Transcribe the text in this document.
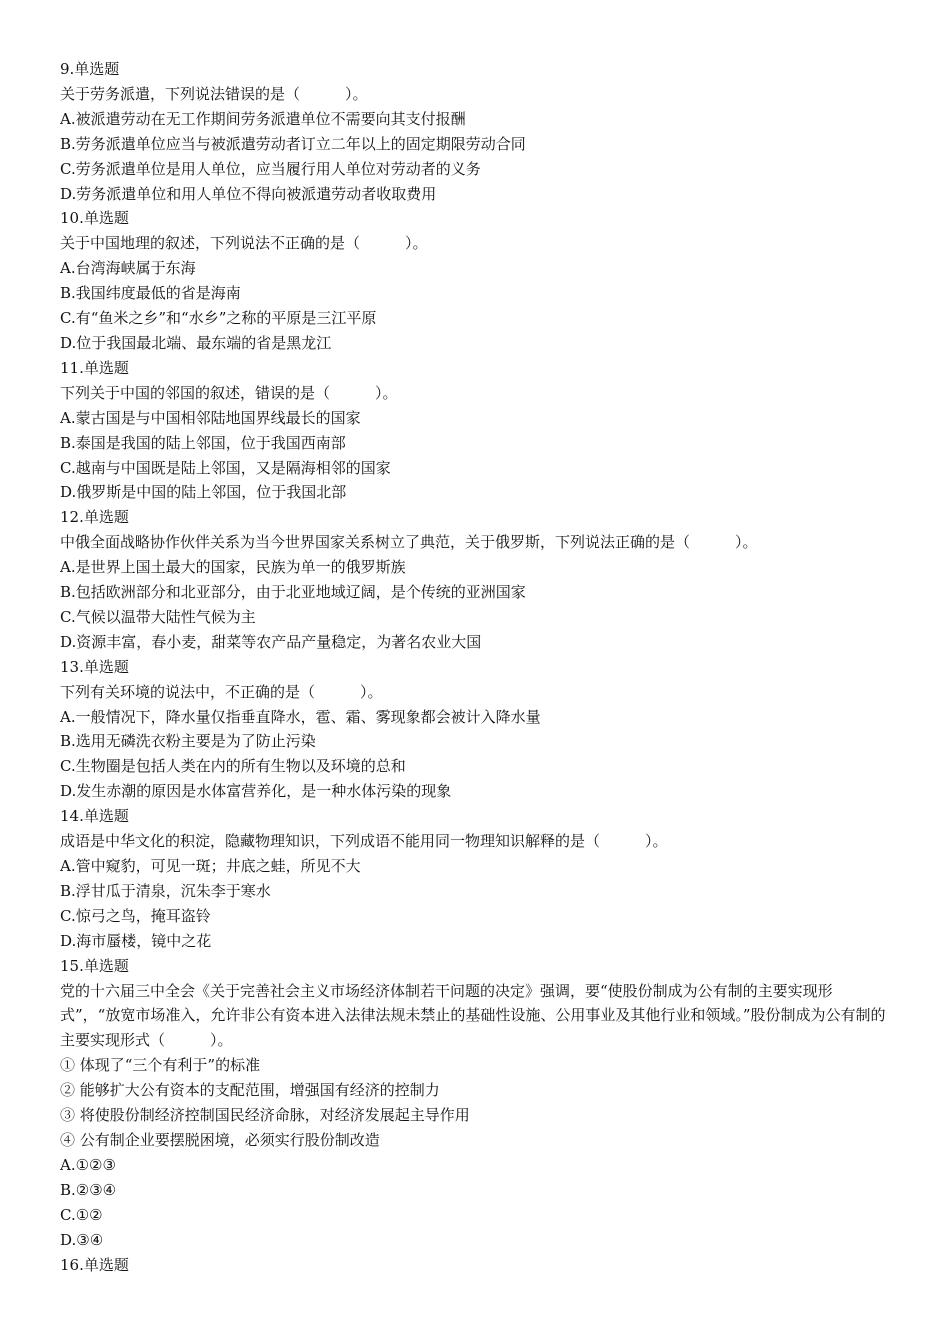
9.单选题
关于劳务派遣，下列说法错误的是（　　　）。
A.被派遣劳动在无工作期间劳务派遣单位不需要向其支付报酬
B.劳务派遣单位应当与被派遣劳动者订立二年以上的固定期限劳动合同
C.劳务派遣单位是用人单位，应当履行用人单位对劳动者的义务
D.劳务派遣单位和用人单位不得向被派遣劳动者收取费用
10.单选题
关于中国地理的叙述，下列说法不正确的是（　　　）。
A.台湾海峡属于东海
B.我国纬度最低的省是海南
C.有“鱼米之乡”和“水乡”之称的平原是三江平原
D.位于我国最北端、最东端的省是黑龙江
11.单选题
下列关于中国的邻国的叙述，错误的是（　　　）。
A.蒙古国是与中国相邻陆地国界线最长的国家
B.泰国是我国的陆上邻国，位于我国西南部
C.越南与中国既是陆上邻国，又是隔海相邻的国家
D.俄罗斯是中国的陆上邻国，位于我国北部
12.单选题
中俄全面战略协作伙伴关系为当今世界国家关系树立了典范，关于俄罗斯，下列说法正确的是（　　　）。
A.是世界上国土最大的国家，民族为单一的俄罗斯族
B.包括欧洲部分和北亚部分，由于北亚地域辽阔，是个传统的亚洲国家
C.气候以温带大陆性气候为主
D.资源丰富，春小麦，甜菜等农产品产量稳定，为著名农业大国
13.单选题
下列有关环境的说法中，不正确的是（　　　）。
A.一般情况下，降水量仅指垂直降水，雹、霜、雾现象都会被计入降水量
B.选用无磷洗衣粉主要是为了防止污染
C.生物圈是包括人类在内的所有生物以及环境的总和
D.发生赤潮的原因是水体富营养化，是一种水体污染的现象
14.单选题
成语是中华文化的积淀，隐藏物理知识，下列成语不能用同一物理知识解释的是（　　　）。
A.管中窥豹，可见一斑；井底之蛙，所见不大
B.浮甘瓜于清泉，沉朱李于寒水
C.惊弓之鸟，掩耳盗铃
D.海市蜃楼，镜中之花
15.单选题
党的十六届三中全会《关于完善社会主义市场经济体制若干问题的决定》强调，要“使股份制成为公有制的主要实现形式”，“放宽市场准入，允许非公有资本进入法律法规未禁止的基础性设施、公用事业及其他行业和领域。”股份制成为公有制的主要实现形式（　　　）。
① 体现了“三个有利于”的标准
② 能够扩大公有资本的支配范围，增强国有经济的控制力
③ 将使股份制经济控制国民经济命脉，对经济发展起主导作用
④ 公有制企业要摆脱困境，必须实行股份制改造
A.①②③
B.②③④
C.①②
D.③④
16.单选题
